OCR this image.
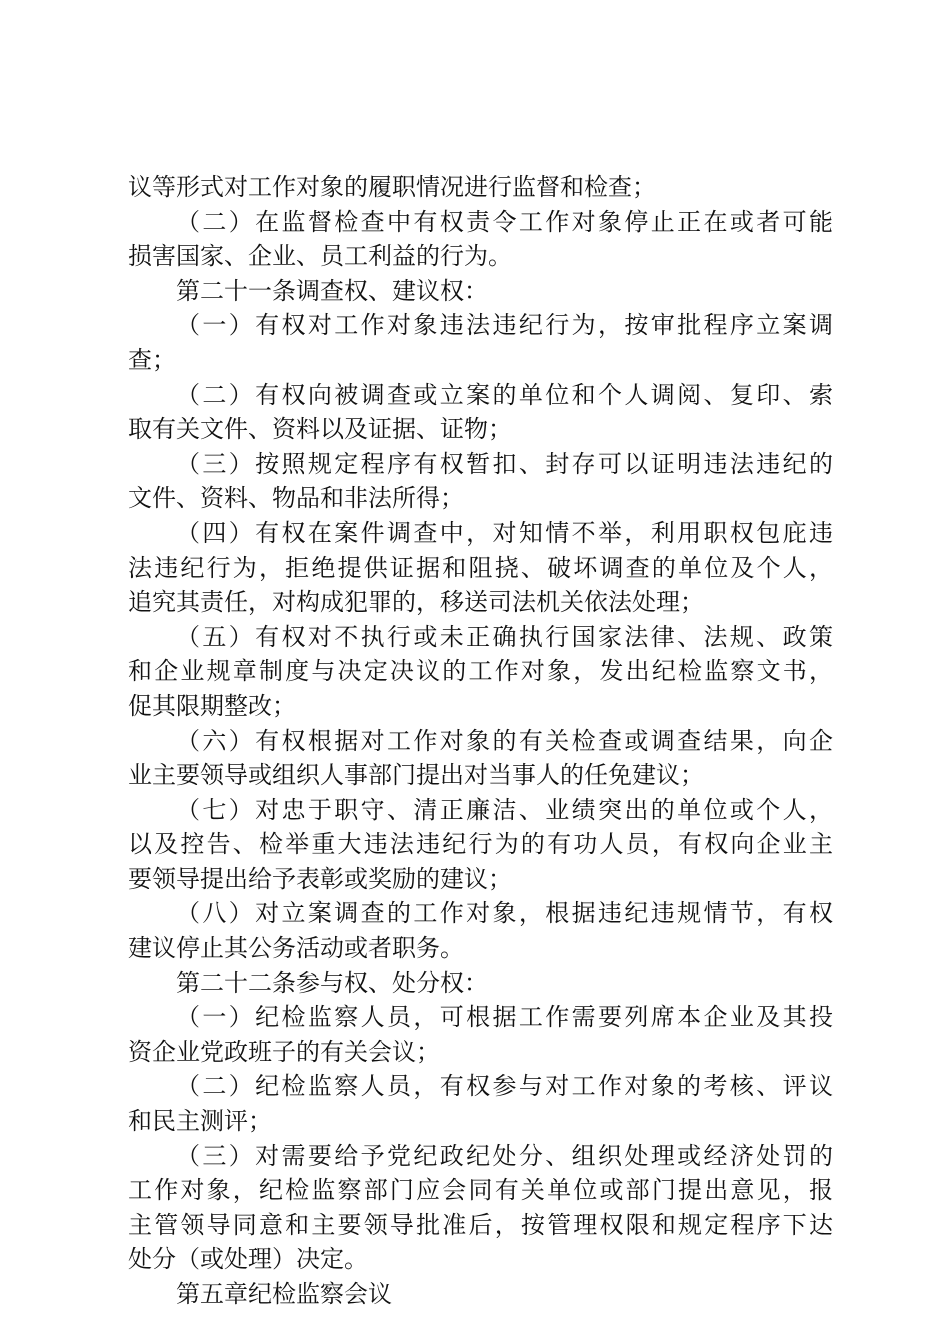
议等形式对工作对象的履职情况进行监督和检查；
（二）在监督检查中有权责令工作对象停止正在或者可能
损害国家、企业、员工利益的行为。
第二十一条调查权、建议权：
（一）有权对工作对象违法违纪行为，按审批程序立案调
查；
（二）有权向被调查或立案的单位和个人调阅、复印、索
取有关文件、资料以及证据、证物；
（三）按照规定程序有权暂扣、封存可以证明违法违纪的
文件、资料、物品和非法所得；
（四）有权在案件调查中，对知情不举，利用职权包庇违
法违纪行为，拒绝提供证据和阻挠、破坏调查的单位及个人，
追究其责任，对构成犯罪的，移送司法机关依法处理；
（五）有权对不执行或未正确执行国家法律、法规、政策
和企业规章制度与决定决议的工作对象，发出纪检监察文书，
促其限期整改；
（六）有权根据对工作对象的有关检查或调查结果，向企
业主要领导或组织人事部门提出对当事人的任免建议；
（七）对忠于职守、清正廉洁、业绩突出的单位或个人，
以及控告、检举重大违法违纪行为的有功人员，有权向企业主
要领导提出给予表彰或奖励的建议；
（八）对立案调查的工作对象，根据违纪违规情节，有权
建议停止其公务活动或者职务。
第二十二条参与权、处分权：
（一）纪检监察人员，可根据工作需要列席本企业及其投
资企业党政班子的有关会议；
（二）纪检监察人员，有权参与对工作对象的考核、评议
和民主测评；
（三）对需要给予党纪政纪处分、组织处理或经济处罚的
工作对象，纪检监察部门应会同有关单位或部门提出意见，报
主管领导同意和主要领导批准后，按管理权限和规定程序下达
处分（或处理）决定。
第五章纪检监察会议
